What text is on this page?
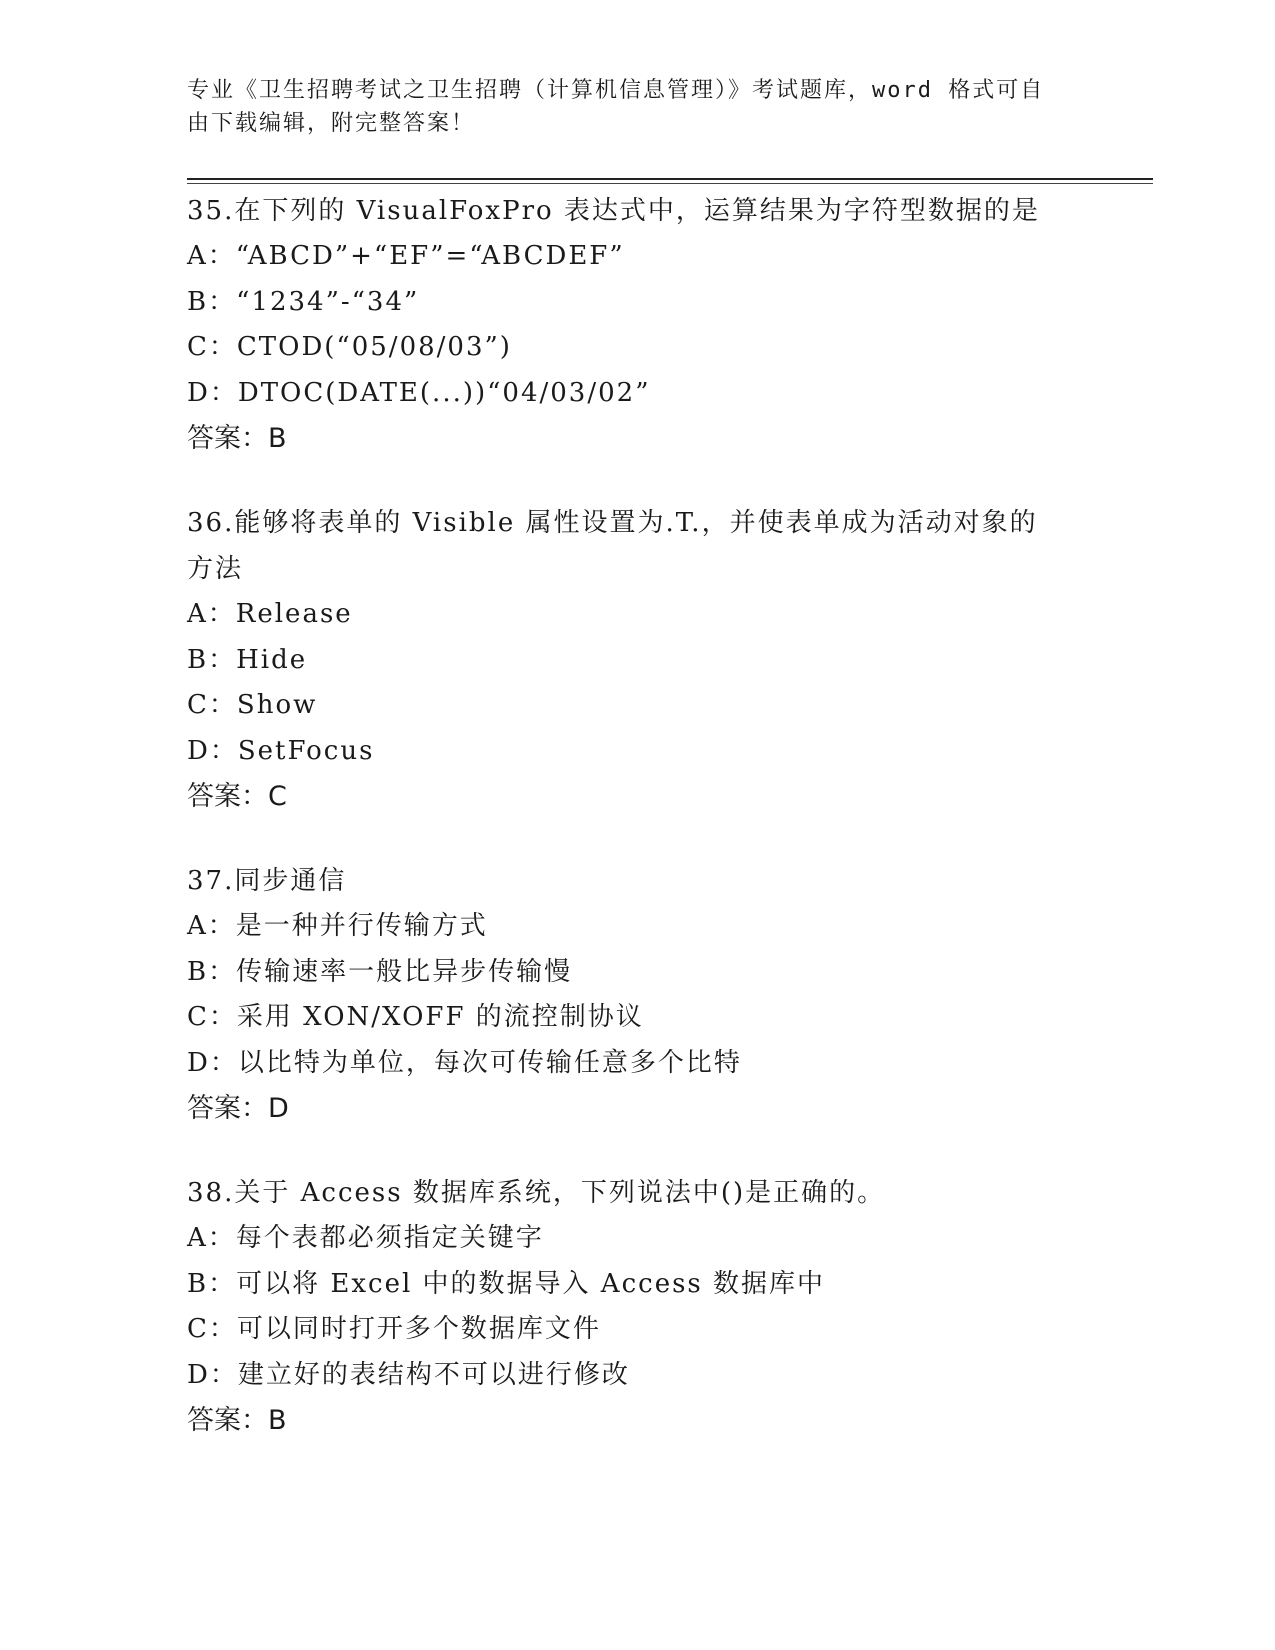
专业《卫生招聘考试之卫生招聘（计算机信息管理）》考试题库，word 格式可自
由下载编辑，附完整答案！

35.在下列的 VisualFoxPro 表达式中，运算结果为字符型数据的是

A：“ABCD”+“EF”=“ABCDEF”

B：“1234”-“34”

C：CTOD(“05/08/03”)

D：DTOC(DATE(...))“04/03/02”

答案：B

36.能够将表单的 Visible 属性设置为.T.，并使表单成为活动对象的

方法

A：Release

B：Hide

C：Show

D：SetFocus

答案：C

37.同步通信

A：是一种并行传输方式

B：传输速率一般比异步传输慢

C：采用 XON/XOFF 的流控制协议

D：以比特为单位，每次可传输任意多个比特

答案：D

38.关于 Access 数据库系统，下列说法中()是正确的。

A：每个表都必须指定关键字

B：可以将 Excel 中的数据导入 Access 数据库中

C：可以同时打开多个数据库文件

D：建立好的表结构不可以进行修改

答案：B
